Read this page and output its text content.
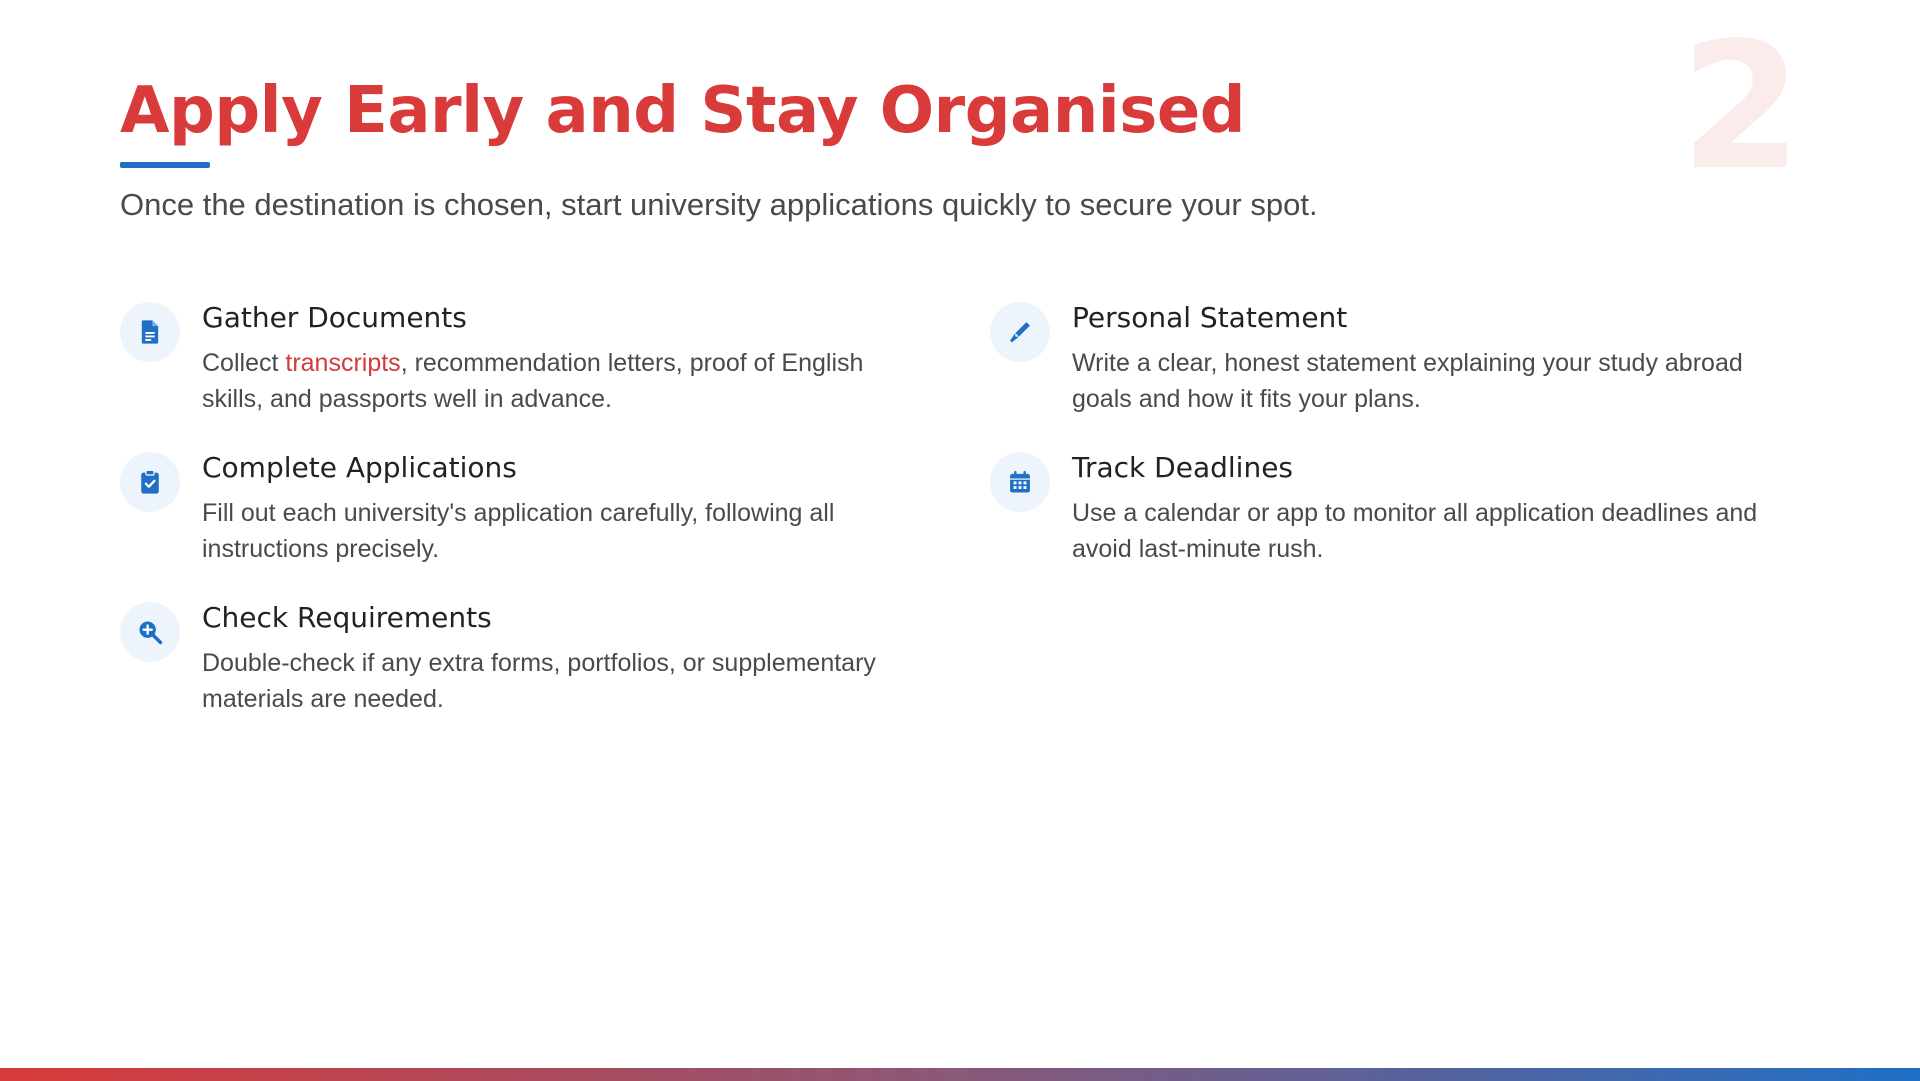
2
Apply Early and Stay Organised

Once the destination is chosen, start university applications quickly to secure your spot.

Gather Documents

Collect transcripts, recommendation letters, proof of English skills, and passports well in advance.

Personal Statement

Write a clear, honest statement explaining your study abroad goals and how it fits your plans.

Complete Applications

Fill out each university's application carefully, following all instructions precisely.

Track Deadlines

Use a calendar or app to monitor all application deadlines and avoid last-minute rush.

Check Requirements

Double-check if any extra forms, portfolios, or supplementary materials are needed.
